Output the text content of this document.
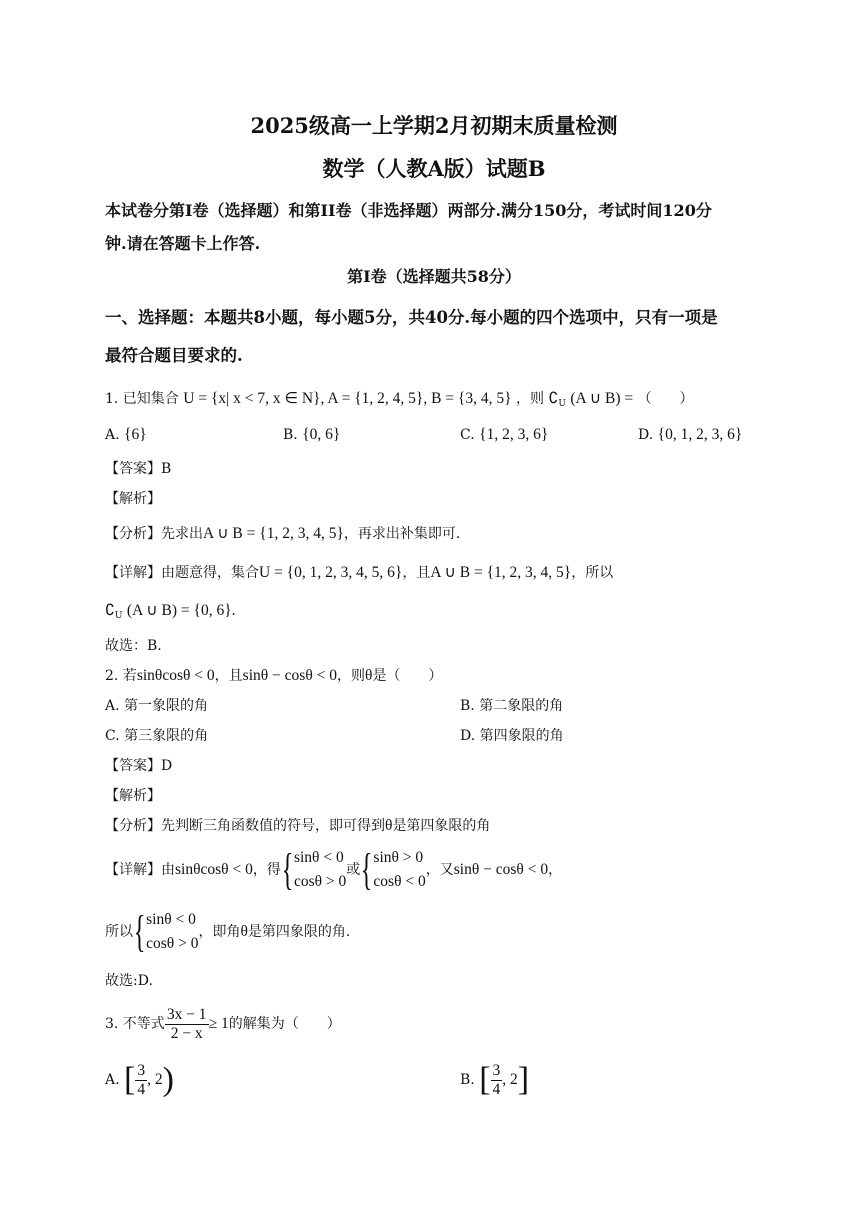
2025级高一上学期2月初期末质量检测
数学（人教A版）试题B
本试卷分第I卷（选择题）和第II卷（非选择题）两部分.满分150分，考试时间120分
钟.请在答题卡上作答.
第I卷（选择题共58分）
一、选择题：本题共8小题，每小题5分，共40分.每小题的四个选项中，只有一项是
最符合题目要求的.
1. 已知集合 U = {x| x < 7, x ∈ N}, A = {1, 2, 4, 5}, B = {3, 4, 5} ，则 $∁_U$ (A ∪ B) = （　　）
A. {6}	B. {0, 6}	C. {1, 2, 3, 6}	D. {0, 1, 2, 3, 6}
【答案】B
【解析】
【分析】先求出A ∪ B = {1, 2, 3, 4, 5}，再求出补集即可.
【详解】由题意得，集合U = {0, 1, 2, 3, 4, 5, 6}，且A ∪ B = {1, 2, 3, 4, 5}，所以
$∁_U$ (A ∪ B) = {0, 6}.
故选：B.
2. 若sinθcosθ < 0，且sinθ − cosθ < 0，则θ是（　　）
A. 第一象限的角	B. 第二象限的角
C. 第三象限的角	D. 第四象限的角
【答案】D
【解析】
【分析】先判断三角函数值的符号，即可得到θ是第四象限的角
【详解】由sinθcosθ < 0，得{ sinθ < 0
cosθ > 0
或{ sinθ > 0
cosθ < 0
，又sinθ − cosθ < 0，
所以{ sinθ < 0
cosθ > 0
，即角θ是第四象限的角.
故选:D.
3. 不等式 $\frac{3x - 1}{2 - x} \ge 1$的解集为（　　）
A. [ $\frac{3}{4}$ , 2)	B. [ $\frac{3}{4}$ , 2]
